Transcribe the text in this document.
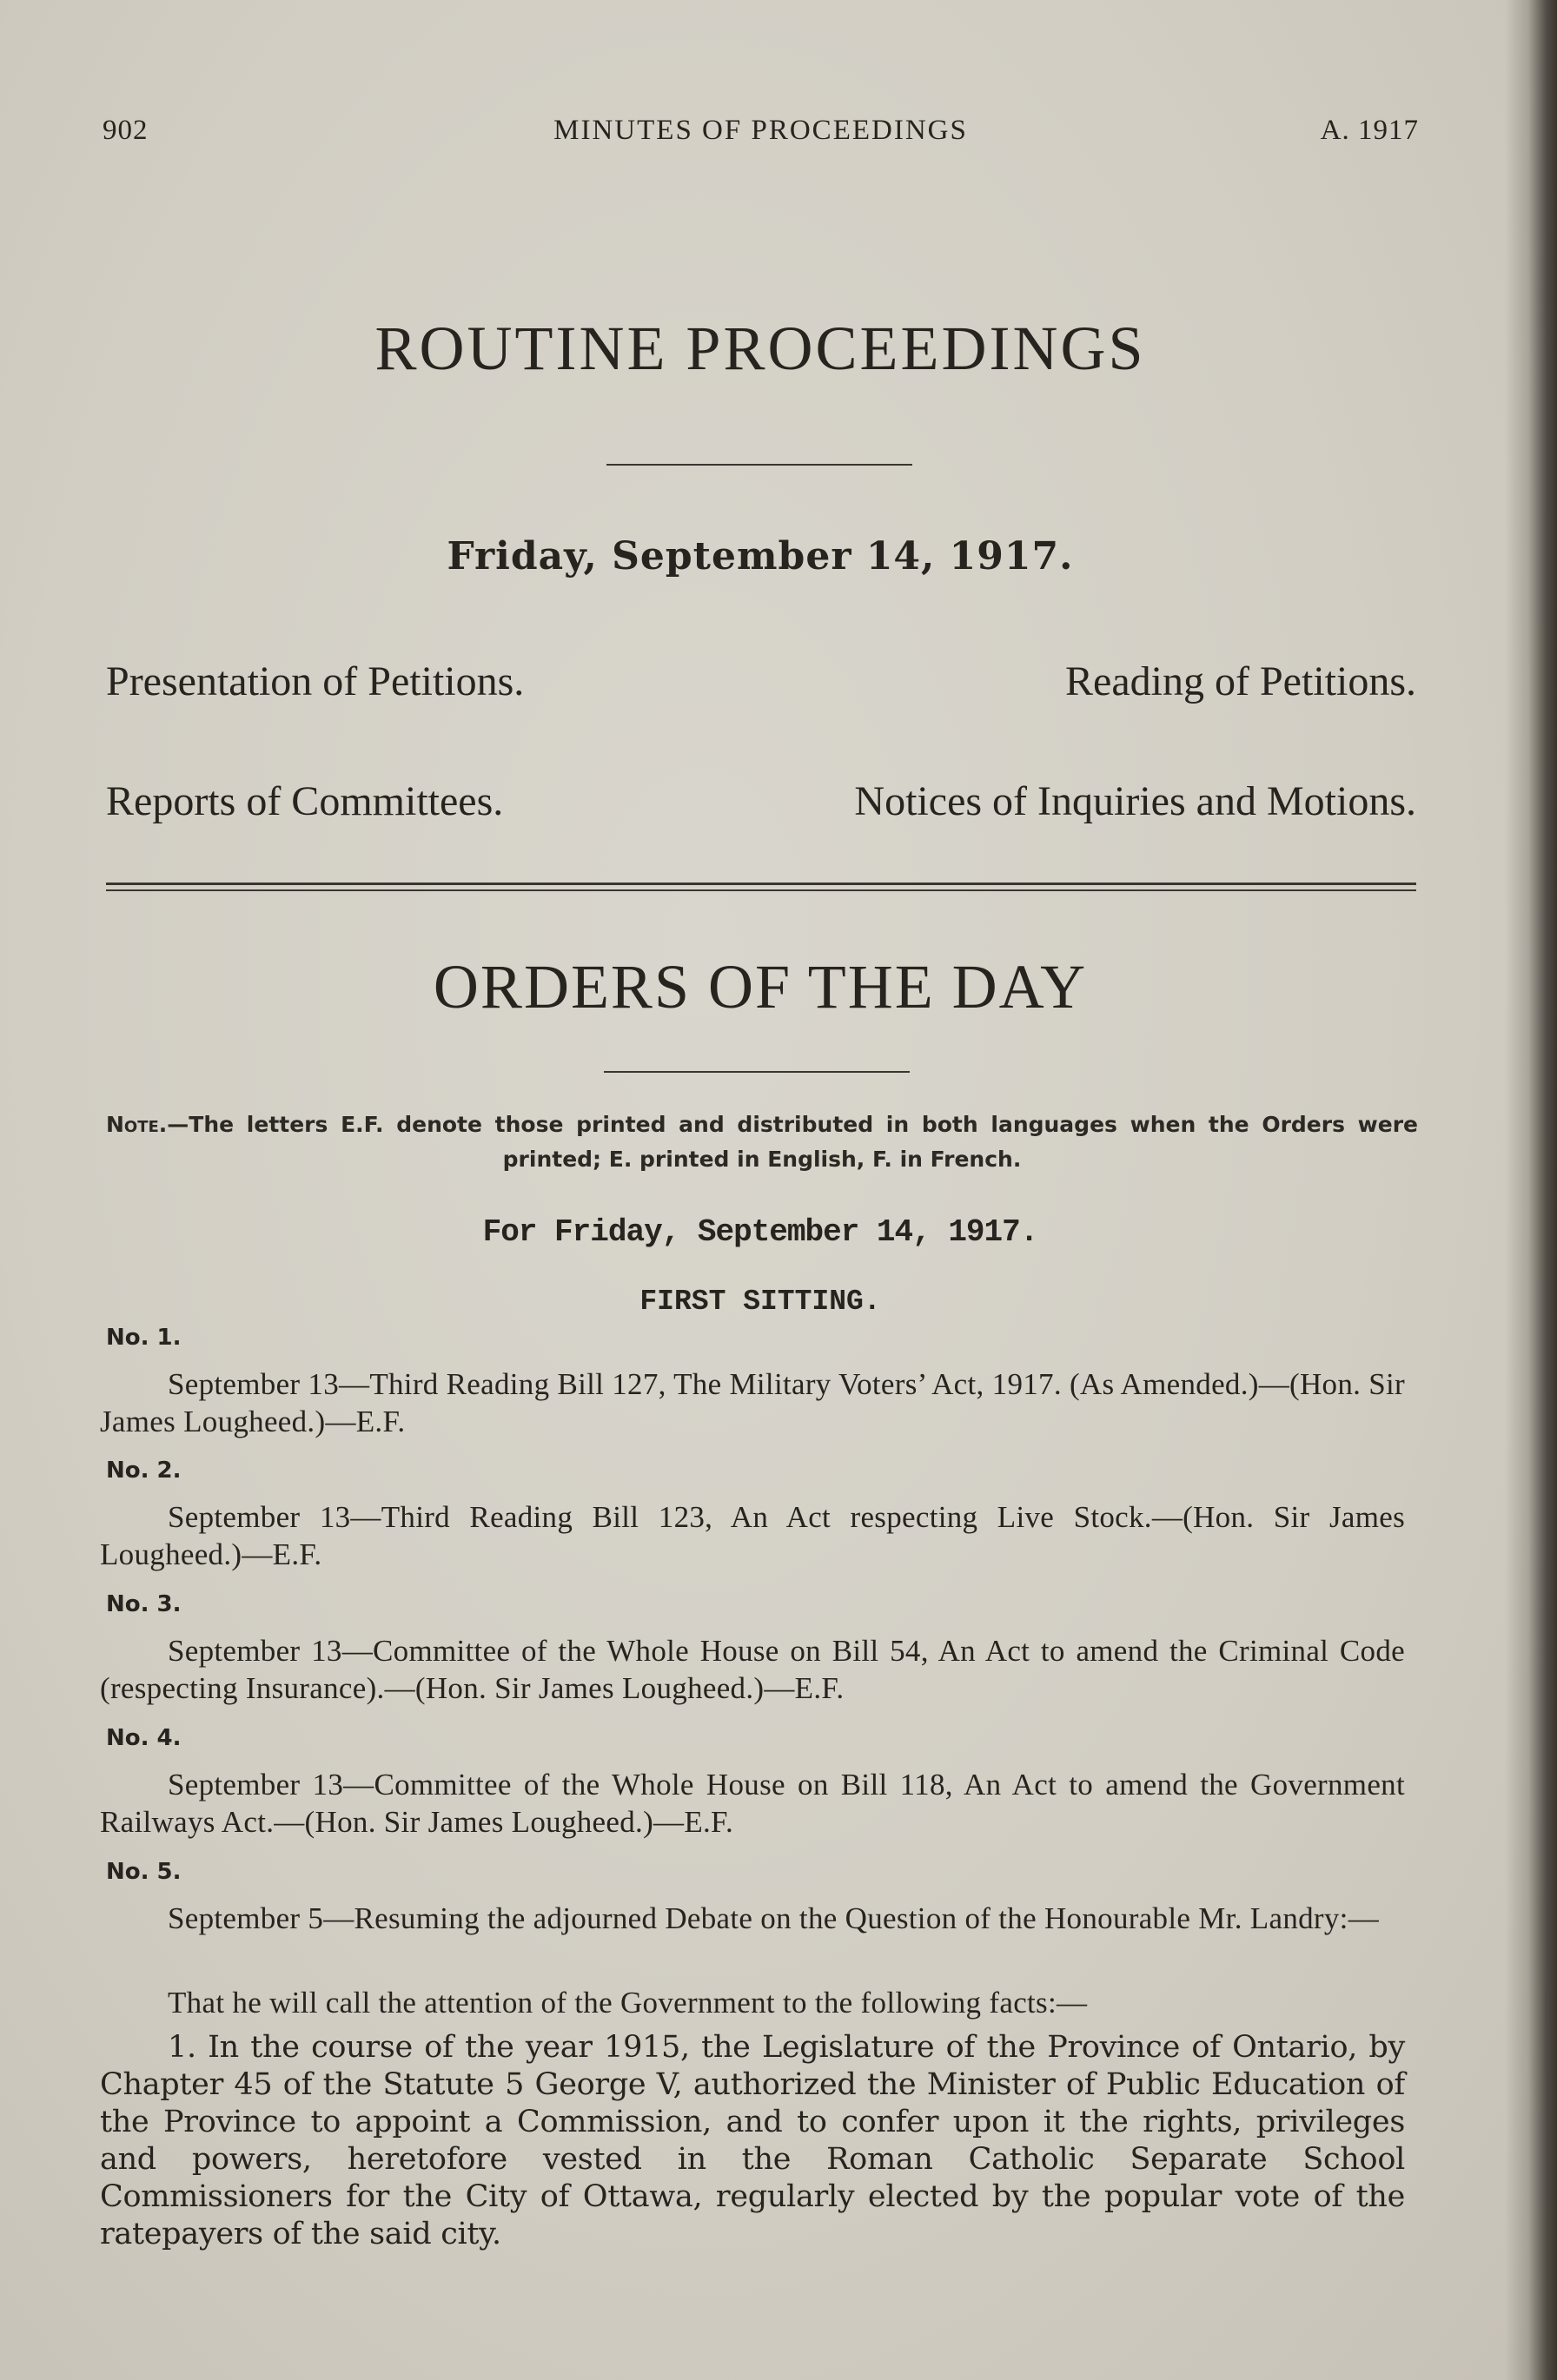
902	MINUTES OF PROCEEDINGS	A. 1917
ROUTINE PROCEEDINGS
Friday, September 14, 1917.
Presentation of Petitions.	Reading of Petitions.
Reports of Committees.	Notices of Inquiries and Motions.
ORDERS OF THE DAY
Note.—The letters E.F. denote those printed and distributed in both languages when the Orders were printed; E. printed in English, F. in French.
For Friday, September 14, 1917.
FIRST SITTING.
No. 1.
September 13—Third Reading Bill 127, The Military Voters’ Act, 1917. (As Amended.)—(Hon. Sir James Lougheed.)—E.F.
No. 2.
September 13—Third Reading Bill 123, An Act respecting Live Stock.—(Hon. Sir James Lougheed.)—E.F.
No. 3.
September 13—Committee of the Whole House on Bill 54, An Act to amend the Criminal Code (respecting Insurance).—(Hon. Sir James Lougheed.)—E.F.
No. 4.
September 13—Committee of the Whole House on Bill 118, An Act to amend the Government Railways Act.—(Hon. Sir James Lougheed.)—E.F.
No. 5.
September 5—Resuming the adjourned Debate on the Question of the Honourable Mr. Landry:—
That he will call the attention of the Government to the following facts:—
1. In the course of the year 1915, the Legislature of the Province of Ontario, by Chapter 45 of the Statute 5 George V, authorized the Minister of Public Education of the Province to appoint a Commission, and to confer upon it the rights, privileges and powers, heretofore vested in the Roman Catholic Separate School Commissioners for the City of Ottawa, regularly elected by the popular vote of the ratepayers of the said city.
